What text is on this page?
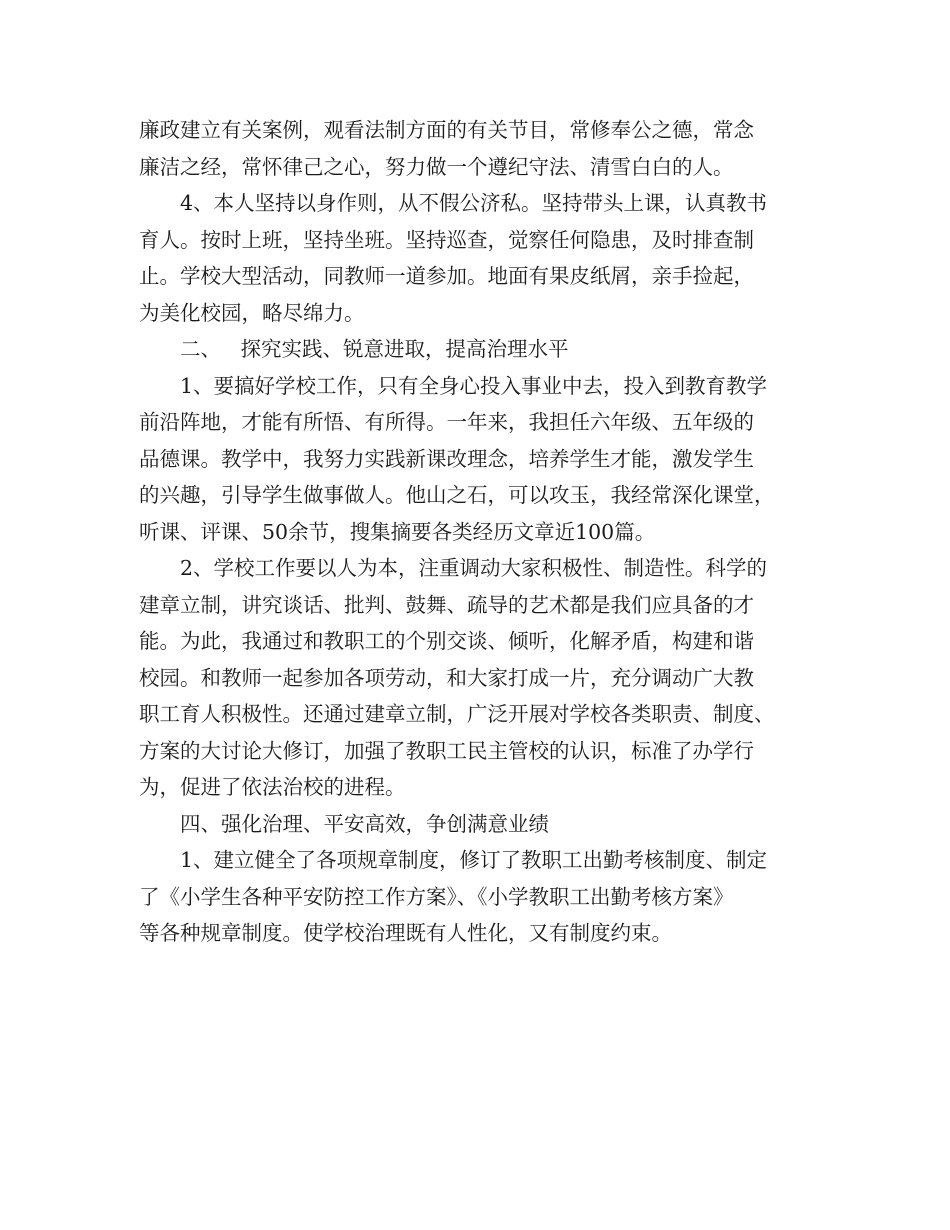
廉政建立有关案例，观看法制方面的有关节目，常修奉公之德，常念
廉洁之经，常怀律己之心，努力做一个遵纪守法、清雪白白的人。
4、本人坚持以身作则，从不假公济私。坚持带头上课，认真教书
育人。按时上班，坚持坐班。坚持巡查，觉察任何隐患，及时排查制
止。学校大型活动，同教师一道参加。地面有果皮纸屑，亲手捡起，
为美化校园，略尽绵力。
二、   探究实践、锐意进取，提高治理水平
1、要搞好学校工作，只有全身心投入事业中去，投入到教育教学
前沿阵地，才能有所悟、有所得。一年来，我担任六年级、五年级的
品德课。教学中，我努力实践新课改理念，培养学生才能，激发学生
的兴趣，引导学生做事做人。他山之石，可以攻玉，我经常深化课堂，
听课、评课、50余节，搜集摘要各类经历文章近100篇。
2、学校工作要以人为本，注重调动大家积极性、制造性。科学的
建章立制，讲究谈话、批判、鼓舞、疏导的艺术都是我们应具备的才
能。为此，我通过和教职工的个别交谈、倾听，化解矛盾，构建和谐
校园。和教师一起参加各项劳动，和大家打成一片，充分调动广大教
职工育人积极性。还通过建章立制，广泛开展对学校各类职责、制度、
方案的大讨论大修订，加强了教职工民主管校的认识，标准了办学行
为，促进了依法治校的进程。
四、强化治理、平安高效，争创满意业绩
1、建立健全了各项规章制度，修订了教职工出勤考核制度、制定
了《小学生各种平安防控工作方案》、《小学教职工出勤考核方案》
等各种规章制度。使学校治理既有人性化，又有制度约束。
